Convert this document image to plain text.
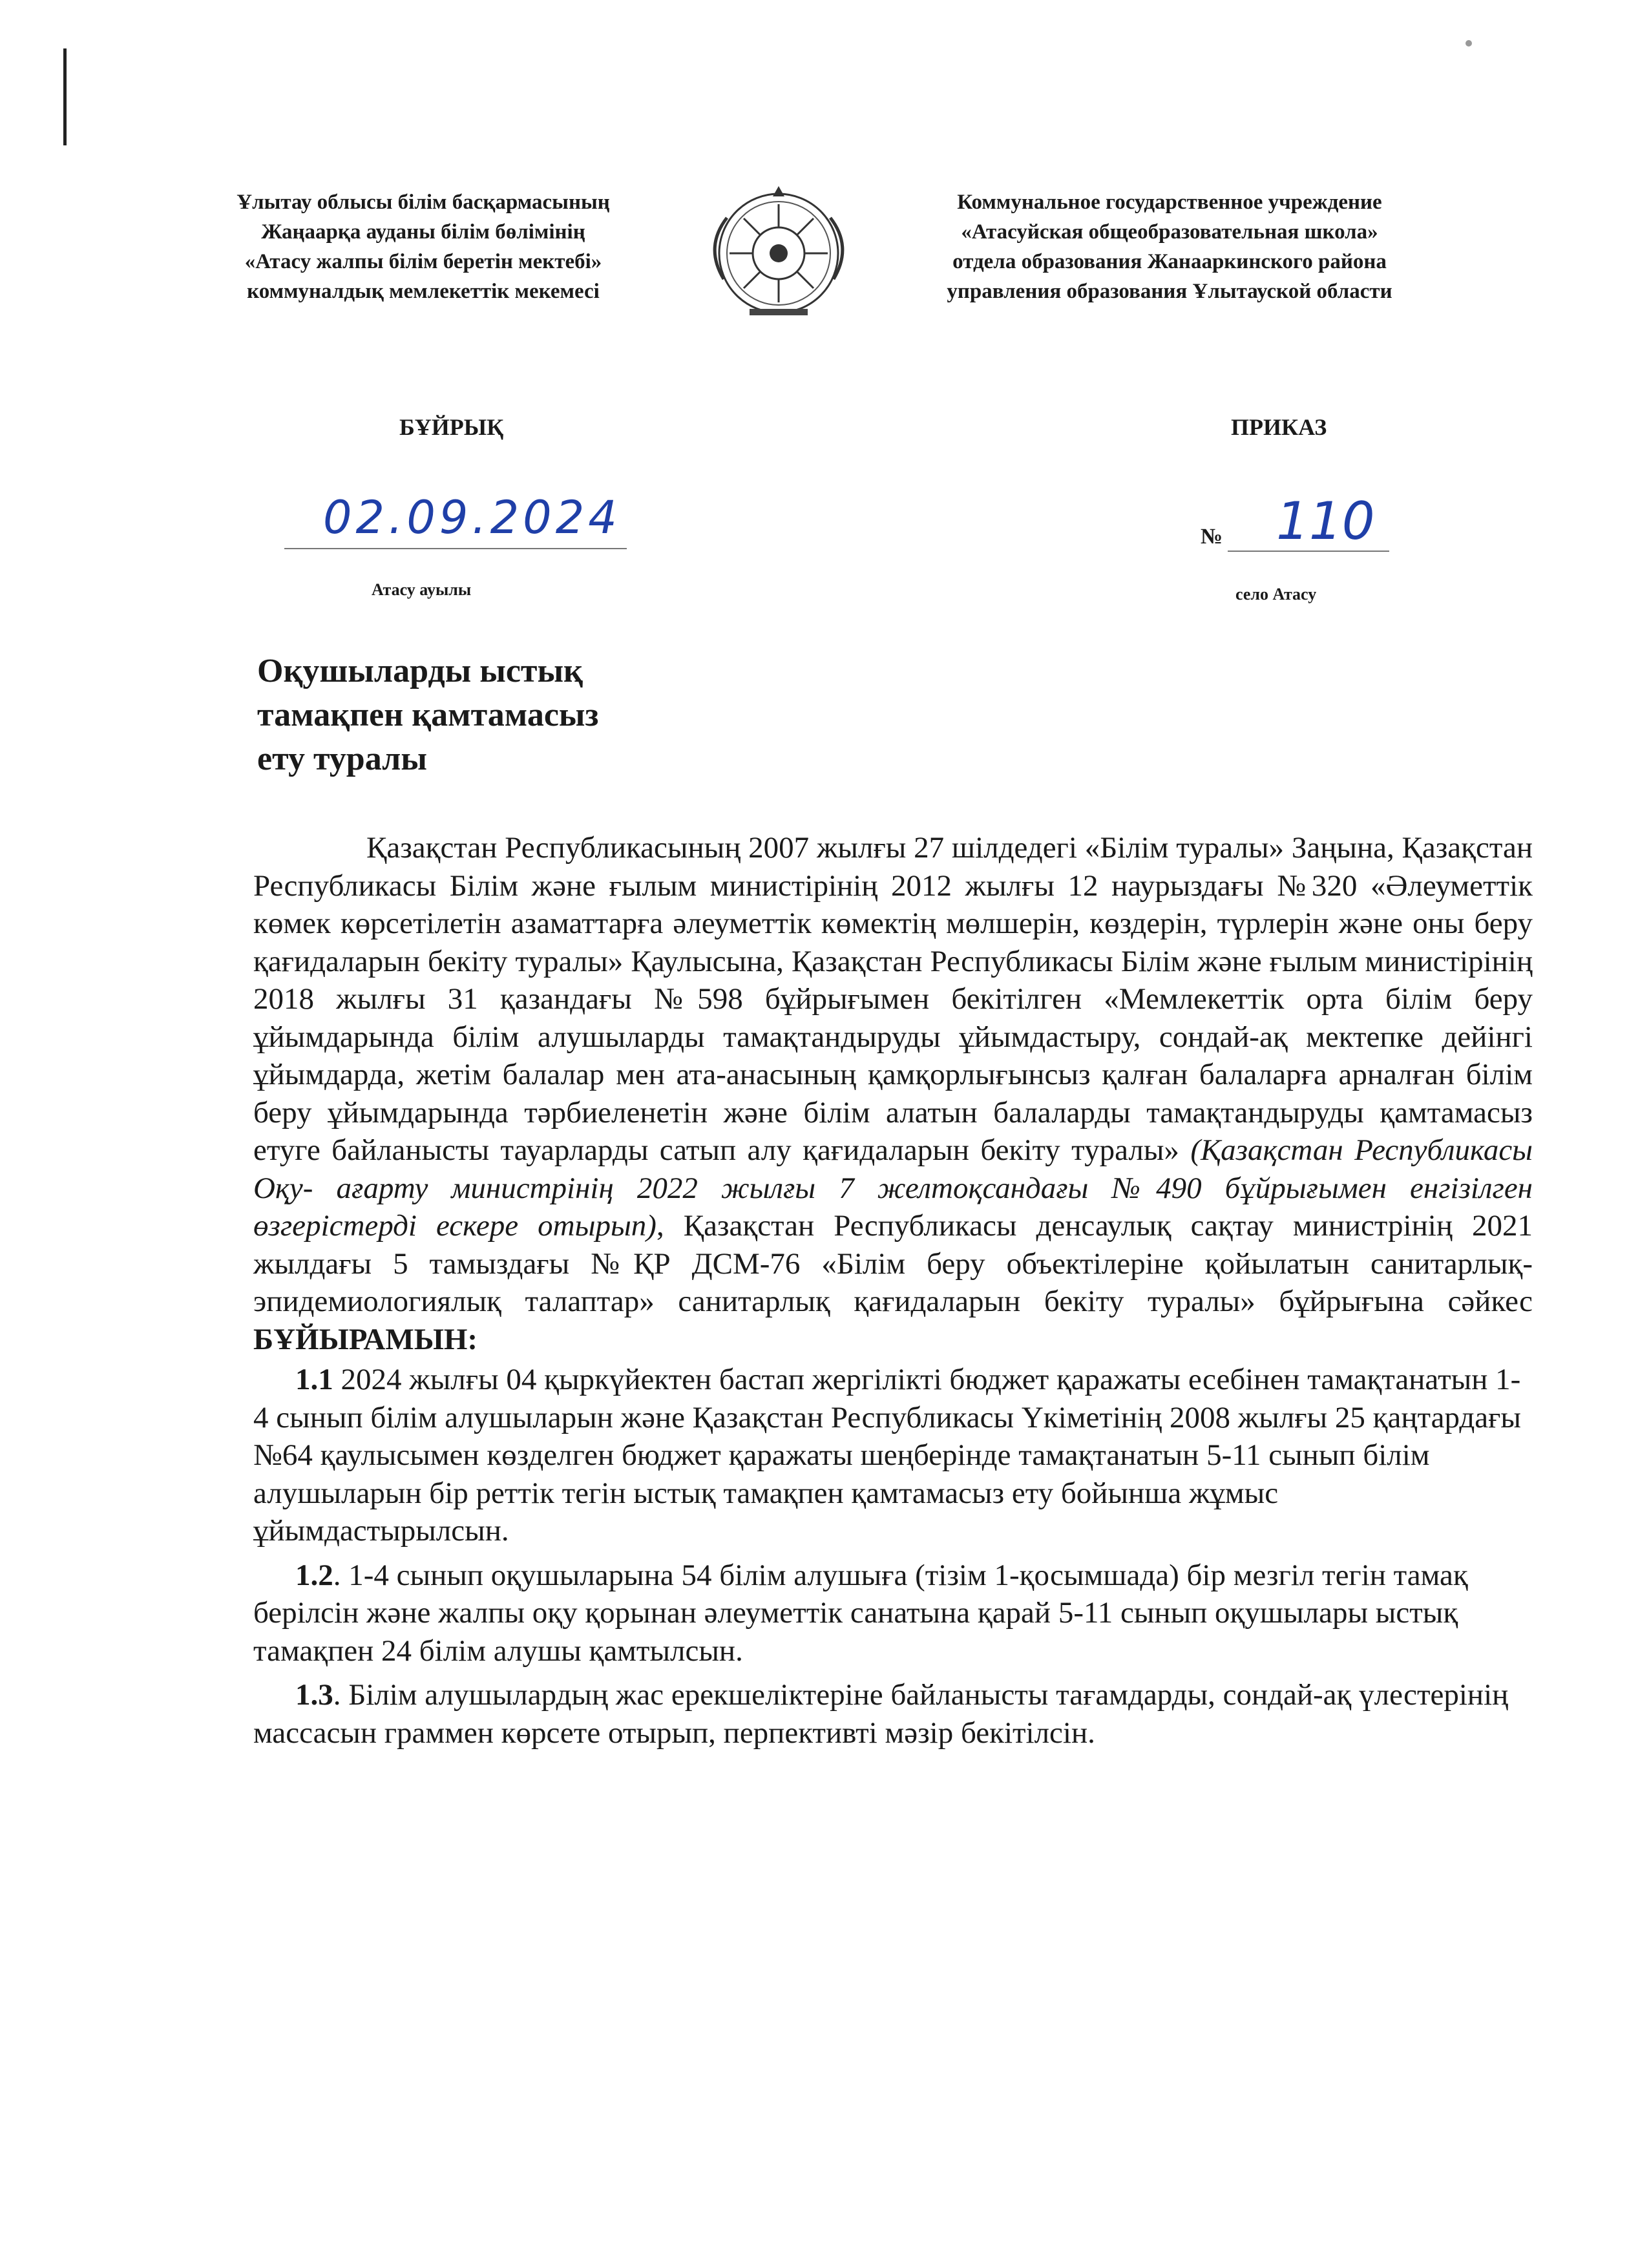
Ұлытау облысы білім басқармасының
Жаңаарқа ауданы білім бөлімінің
«Атасу жалпы білім беретін мектебі»
коммуналдық мемлекеттік мекемесі
Коммунальное государственное учреждение
«Атасуйская общеобразовательная школа»
отдела образования Жанааркинского района
управления образования Ұлытауской области
БҰЙРЫҚ	ПРИКАЗ
02.09.2024	№ 110
Атасу ауылы	село Атасу
Оқушыларды ыстық
тамақпен қамтамасыз
ету туралы

Қазақстан Республикасының 2007 жылғы 27 шілдедегі «Білім туралы» Заңына, Қазақстан Республикасы Білім және ғылым министірінің 2012 жылғы 12 наурыздағы №320 «Әлеуметтік көмек көрсетілетін азаматтарға әлеуметтік көмектің мөлшерін, көздерін, түрлерін және оны беру қағидаларын бекіту туралы» Қаулысына, Қазақстан Республикасы Білім және ғылым министірінің 2018 жылғы 31 қазандағы №598 бұйрығымен бекітілген «Мемлекеттік орта білім беру ұйымдарында білім алушыларды тамақтандыруды ұйымдастыру, сондай-ақ мектепке дейінгі ұйымдарда, жетім балалар мен ата-анасының қамқорлығынсыз қалған балаларға арналған білім беру ұйымдарында тәрбиеленетін және білім алатын балаларды тамақтандыруды қамтамасыз етуге байланысты тауарларды сатып алу қағидаларын бекіту туралы» (Қазақстан Республикасы Оқу- ағарту министрінің 2022 жылғы 7 желтоқсандағы №490 бұйрығымен енгізілген өзгерістерді ескере отырып), Қазақстан Республикасы денсаулық сақтау министрінің 2021 жылдағы 5 тамыздағы №ҚР ДСМ-76 «Білім беру объектілеріне қойылатын санитарлық-эпидемиологиялық талаптар» санитарлық қағидаларын бекіту туралы» бұйрығына сәйкес БҰЙЫРАМЫН:

1.1 2024 жылғы 04 қыркүйектен бастап жергілікті бюджет қаражаты есебінен тамақтанатын 1-4 сынып білім алушыларын және Қазақстан Республикасы Үкіметінің 2008 жылғы 25 қаңтардағы №64 қаулысымен көзделген бюджет қаражаты шеңберінде тамақтанатын 5-11 сынып білім алушыларын бір реттік тегін ыстық тамақпен қамтамасыз ету бойынша жұмыс ұйымдастырылсын.

1.2. 1-4 сынып оқушыларына 54 білім алушыға (тізім 1-қосымшада) бір мезгіл тегін тамақ берілсін және жалпы оқу қорынан әлеуметтік санатына қарай 5-11 сынып оқушылары ыстық тамақпен 24 білім алушы қамтылсын.

1.3. Білім алушылардың жас ерекшеліктеріне байланысты тағамдарды, сондай-ақ үлестерінің массасын граммен көрсете отырып, перпективті мәзір бекітілсін.
